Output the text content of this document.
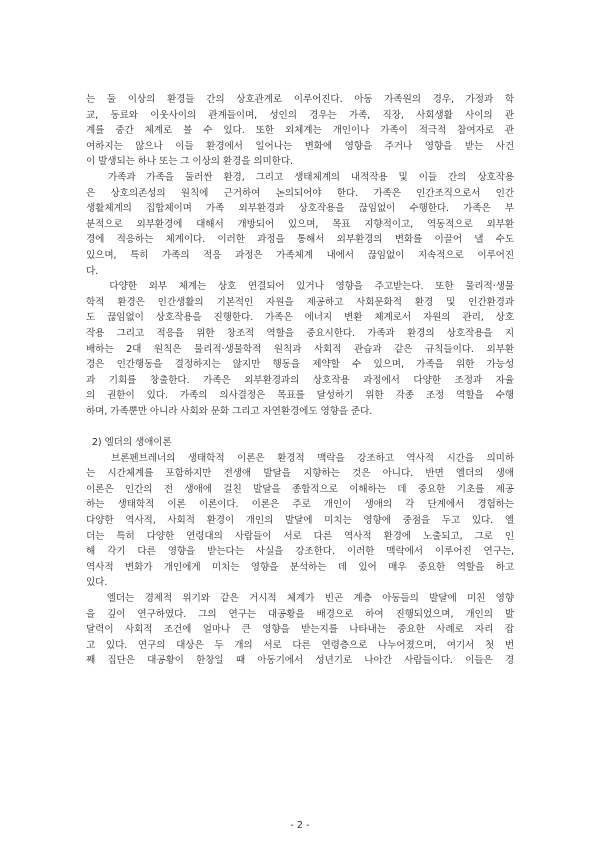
는 둘 이상의 환경들 간의 상호관계로 이루어진다. 아동 가족원의 경우, 가정과 학
교, 동료와 이웃사이의 관계들이며, 성인의 경우는 가족, 직장, 사회생활 사이의 관
계를 중간 체계로 볼 수 있다. 또한 외체계는 개인이나 가족이 적극적 참여자로 관
여하지는 않으나 이들 환경에서 일어나는 변화에 영향을 주거나 영향을 받는 사건
이 발생되는 하나 또는 그 이상의 환경을 의미한다.
가족과 가족을 둘러싼 환경, 그리고 생태체계의 내적작용 및 이들 간의 상호작용
은 상호의존성의 원칙에 근거하여 논의되어야 한다. 가족은 인간조직으로서 인간
생활체계의 집합체이며 가족 외부환경과 상호작용을 끊임없이 수행한다. 가족은 부
분적으로 외부환경에 대해서 개방되어 있으며, 목표 지향적이고, 역동적으로 외부환
경에 적응하는 체계이다. 이러한 과정을 통해서 외부환경의 변화를 이끌어 낼 수도
있으며, 특히 가족의 적응 과정은 가족체계 내에서 끊임없이 지속적으로 이루어진
다.
다양한 외부 체계는 상호 연결되어 있거나 영향을 주고받는다. 또한 물리적·생물
학적 환경은 인간생활의 기본적인 자원을 제공하고 사회문화적 환경 및 인간환경과
도 끊임없이 상호작용을 진행한다. 가족은 에너지 변환 체계로서 자원의 관리, 상호
작용 그리고 적응을 위한 창조적 역할을 중요시한다. 가족과 환경의 상호작용을 지
배하는 2대 원칙은 물리적·생물학적 원칙과 사회적 관습과 같은 규칙들이다. 외부환
경은 인간행동을 결정하지는 않지만 행동을 제약할 수 있으며, 가족을 위한 가능성
과 기회를 창출한다. 가족은 외부환경과의 상호작용 과정에서 다양한 조정과 자율
의 권한이 있다. 가족의 의사결정은 목표를 달성하기 위한 각종 조정 역할을 수행
하며, 가족뿐만 아니라 사회와 문화 그리고 자연환경에도 영향을 준다.
2) 엘더의 생애이론
브론펜브레너의 생태학적 이론은 환경적 맥락을 강조하고 역사적 시간을 의미하
는 시간체계를 포함하지만 전생애 발달을 지향하는 것은 아니다. 반면 엘더의 생애
이론은 인간의 전 생애에 걸친 발달을 종합적으로 이해하는 데 중요한 기초를 제공
하는 생태학적 이론 이론이다. 이론은 주로 개인이 생애의 각 단계에서 경험하는
다양한 역사적, 사회적 환경이 개인의 발달에 미치는 영향에 중점을 두고 있다. 엘
더는 특히 다양한 연령대의 사람들이 서로 다른 역사적 환경에 노출되고, 그로 인
해 각기 다른 영향을 받는다는 사실을 강조한다. 이러한 맥락에서 이루어진 연구는,
역사적 변화가 개인에게 미치는 영향을 분석하는 데 있어 매우 중요한 역할을 하고
있다.
엘더는 경제적 위기와 같은 거시적 체계가 빈곤 계층 아동들의 발달에 미친 영향
을 깊이 연구하였다. 그의 연구는 대공황을 배경으로 하여 진행되었으며, 개인의 발
달력이 사회적 조건에 얼마나 큰 영향을 받는지를 나타내는 중요한 사례로 자리 잡
고 있다. 연구의 대상은 두 개의 서로 다른 연령층으로 나누어졌으며, 여기서 첫 번
째 집단은 대공황이 한창일 때 아동기에서 성년기로 나아간 사람들이다. 이들은 경
- 2 -
